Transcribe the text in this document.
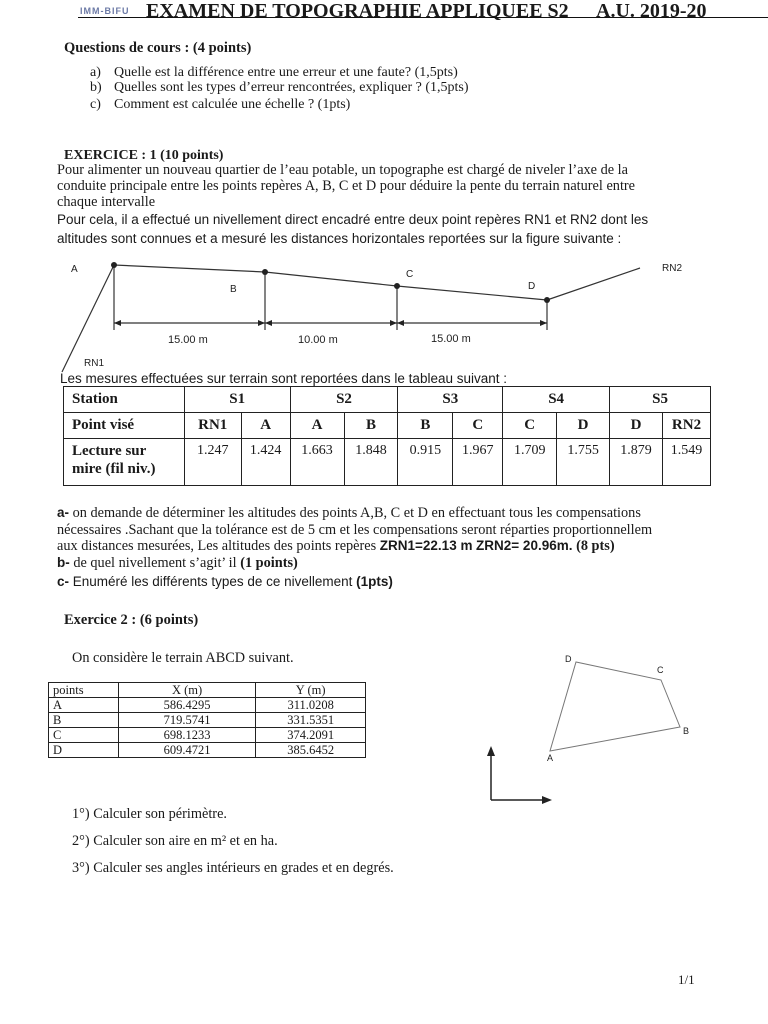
IMM-BIFU EXAMEN DE TOPOGRAPHIE APPLIQUEE S2 A.U. 2019-20
Questions de cours : (4 points)
a) Quelle est la différence entre une erreur et une faute? (1,5pts)
b) Quelles sont les types d’erreur rencontrées, expliquer ? (1,5pts)
c) Comment est calculée une échelle ? (1pts)
EXERCICE : 1 (10 points)
Pour alimenter un nouveau quartier de l’eau potable, un topographe est chargé de niveler l’axe de la
conduite principale entre les points repères A, B, C et D pour déduire la pente du terrain naturel entre
chaque intervalle
Pour cela, il a effectué un nivellement direct encadré entre deux point repères RN1 et RN2 dont les
altitudes sont connues et a mesuré les distances horizontales reportées sur la figure suivante :
A
B
C
D
RN1
RN2
15.00 m	10.00 m	15.00 m
Les mesures effectuées sur terrain sont reportées dans le tableau suivant :
Station	S1		S2		S3		S4		S5	
Point visé	RN1	A	A	B	B	C	C	D	D	RN2

Lecture sur
mire (fil niv.)	1.247	1.424	1.663	1.848	0.915	1.967	1.709	1.755	1.879	1.549
a- on demande de déterminer les altitudes des points A,B, C et D en effectuant tous les compensations
nécessaires .Sachant que la tolérance est de 5 cm et les compensations seront réparties proportionnellem
aux distances mesurées, Les altitudes des points repères ZRN1=22.13 m ZRN2= 20.96m. (8 pts)
b- de quel nivellement s’agit’ il (1 points)
c- Enuméré les différents types de ce nivellement (1pts)
Exercice 2 : (6 points)
On considère le terrain ABCD suivant.
points	X (m)	Y (m)
A	586.4295	311.0208
B	719.5741	331.5351
C	698.1233	374.2091
D	609.4721	385.6452
A
B
C
D
1°) Calculer son périmètre.
2°) Calculer son aire en m² et en ha.
3°) Calculer ses angles intérieurs en grades et en degrés.
1/1
